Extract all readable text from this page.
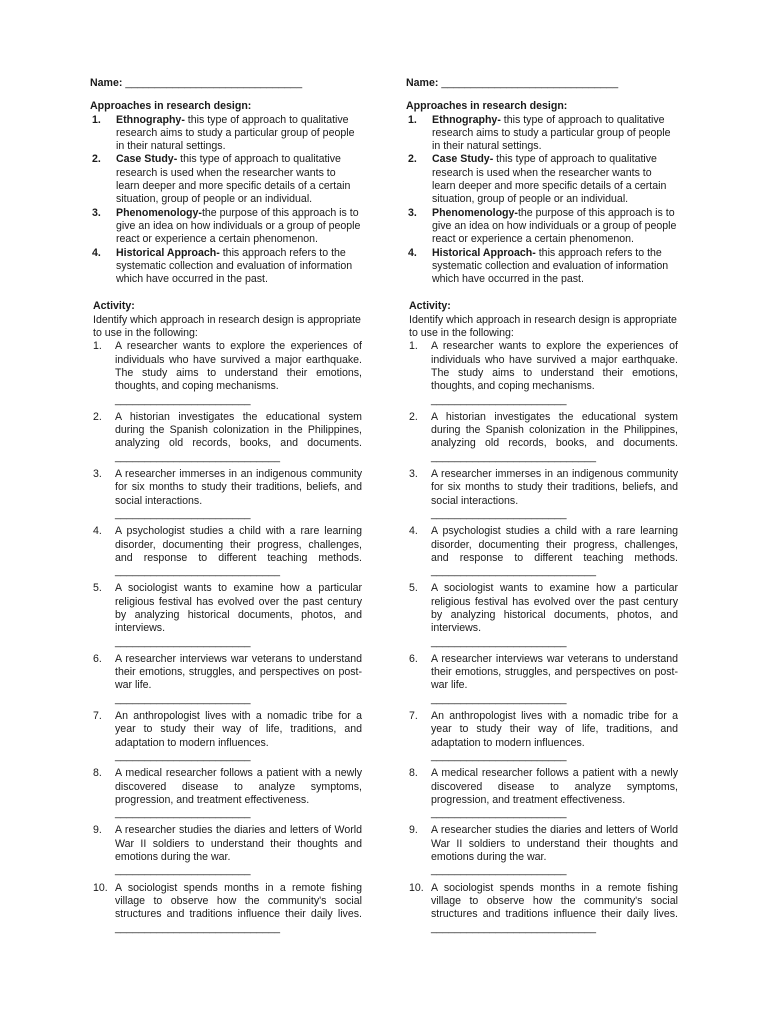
Name: ______________________________

Approaches in research design:

1. Ethnography- this type of approach to qualitative research aims to study a particular group of people in their natural settings.
2. Case Study- this type of approach to qualitative research is used when the researcher wants to learn deeper and more specific details of a certain situation, group of people or an individual.
3. Phenomenology-the purpose of this approach is to give an idea on how individuals or a group of people react or experience a certain phenomenon.
4. Historical Approach- this approach refers to the systematic collection and evaluation of information which have occurred in the past.

Activity:

Identify which approach in research design is appropriate to use in the following:

1. A researcher wants to explore the experiences of individuals who have survived a major earthquake. The study aims to understand their emotions, thoughts, and coping mechanisms.
_______________________
2. A historian investigates the educational system during the Spanish colonization in the Philippines, analyzing old records, books, and documents. ____________________________
3. A researcher immerses in an indigenous community for six months to study their traditions, beliefs, and social interactions.
_______________________
4. A psychologist studies a child with a rare learning disorder, documenting their progress, challenges, and response to different teaching methods. ____________________________
5. A sociologist wants to examine how a particular religious festival has evolved over the past century by analyzing historical documents, photos, and interviews.
_______________________
6. A researcher interviews war veterans to understand their emotions, struggles, and perspectives on post-war life.
_______________________
7. An anthropologist lives with a nomadic tribe for a year to study their way of life, traditions, and adaptation to modern influences.
_______________________
8. A medical researcher follows a patient with a newly discovered disease to analyze symptoms, progression, and treatment effectiveness.
_______________________
9. A researcher studies the diaries and letters of World War II soldiers to understand their thoughts and emotions during the war.
_______________________
10. A sociologist spends months in a remote fishing village to observe how the community's social structures and traditions influence their daily lives. ____________________________

Name: ______________________________

Approaches in research design:

1. Ethnography- this type of approach to qualitative research aims to study a particular group of people in their natural settings.
2. Case Study- this type of approach to qualitative research is used when the researcher wants to learn deeper and more specific details of a certain situation, group of people or an individual.
3. Phenomenology-the purpose of this approach is to give an idea on how individuals or a group of people react or experience a certain phenomenon.
4. Historical Approach- this approach refers to the systematic collection and evaluation of information which have occurred in the past.

Activity:

Identify which approach in research design is appropriate to use in the following:

1. A researcher wants to explore the experiences of individuals who have survived a major earthquake. The study aims to understand their emotions, thoughts, and coping mechanisms.
_______________________
2. A historian investigates the educational system during the Spanish colonization in the Philippines, analyzing old records, books, and documents. ____________________________
3. A researcher immerses in an indigenous community for six months to study their traditions, beliefs, and social interactions.
_______________________
4. A psychologist studies a child with a rare learning disorder, documenting their progress, challenges, and response to different teaching methods. ____________________________
5. A sociologist wants to examine how a particular religious festival has evolved over the past century by analyzing historical documents, photos, and interviews.
_______________________
6. A researcher interviews war veterans to understand their emotions, struggles, and perspectives on post-war life.
_______________________
7. An anthropologist lives with a nomadic tribe for a year to study their way of life, traditions, and adaptation to modern influences.
_______________________
8. A medical researcher follows a patient with a newly discovered disease to analyze symptoms, progression, and treatment effectiveness.
_______________________
9. A researcher studies the diaries and letters of World War II soldiers to understand their thoughts and emotions during the war.
_______________________
10. A sociologist spends months in a remote fishing village to observe how the community's social structures and traditions influence their daily lives. ____________________________
